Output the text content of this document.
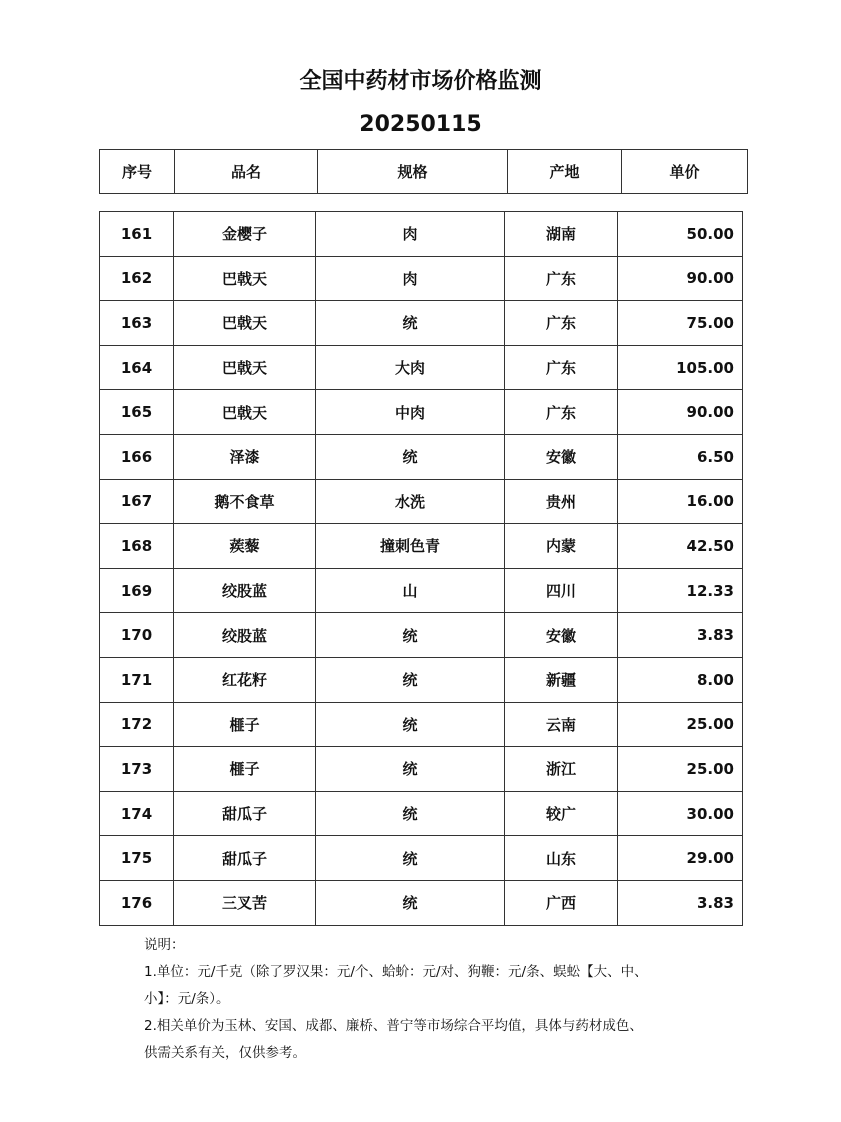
全国中药材市场价格监测
20250115
序号	品名	规格	产地	单价
161	金樱子	肉	湖南	50.00
162	巴戟天	肉	广东	90.00
163	巴戟天	统	广东	75.00
164	巴戟天	大肉	广东	105.00
165	巴戟天	中肉	广东	90.00
166	泽漆	统	安徽	6.50
167	鹅不食草	水洗	贵州	16.00
168	蒺藜	撞刺色青	内蒙	42.50
169	绞股蓝	山	四川	12.33
170	绞股蓝	统	安徽	3.83
171	红花籽	统	新疆	8.00
172	榧子	统	云南	25.00
173	榧子	统	浙江	25.00
174	甜瓜子	统	较广	30.00
175	甜瓜子	统	山东	29.00
176	三叉苦	统	广西	3.83
说明：
1.单位：元/千克（除了罗汉果：元/个、蛤蚧：元/对、狗鞭：元/条、蜈蚣【大、中、
小】：元/条）。
2.相关单价为玉林、安国、成都、廉桥、普宁等市场综合平均值，具体与药材成色、
供需关系有关，仅供参考。
